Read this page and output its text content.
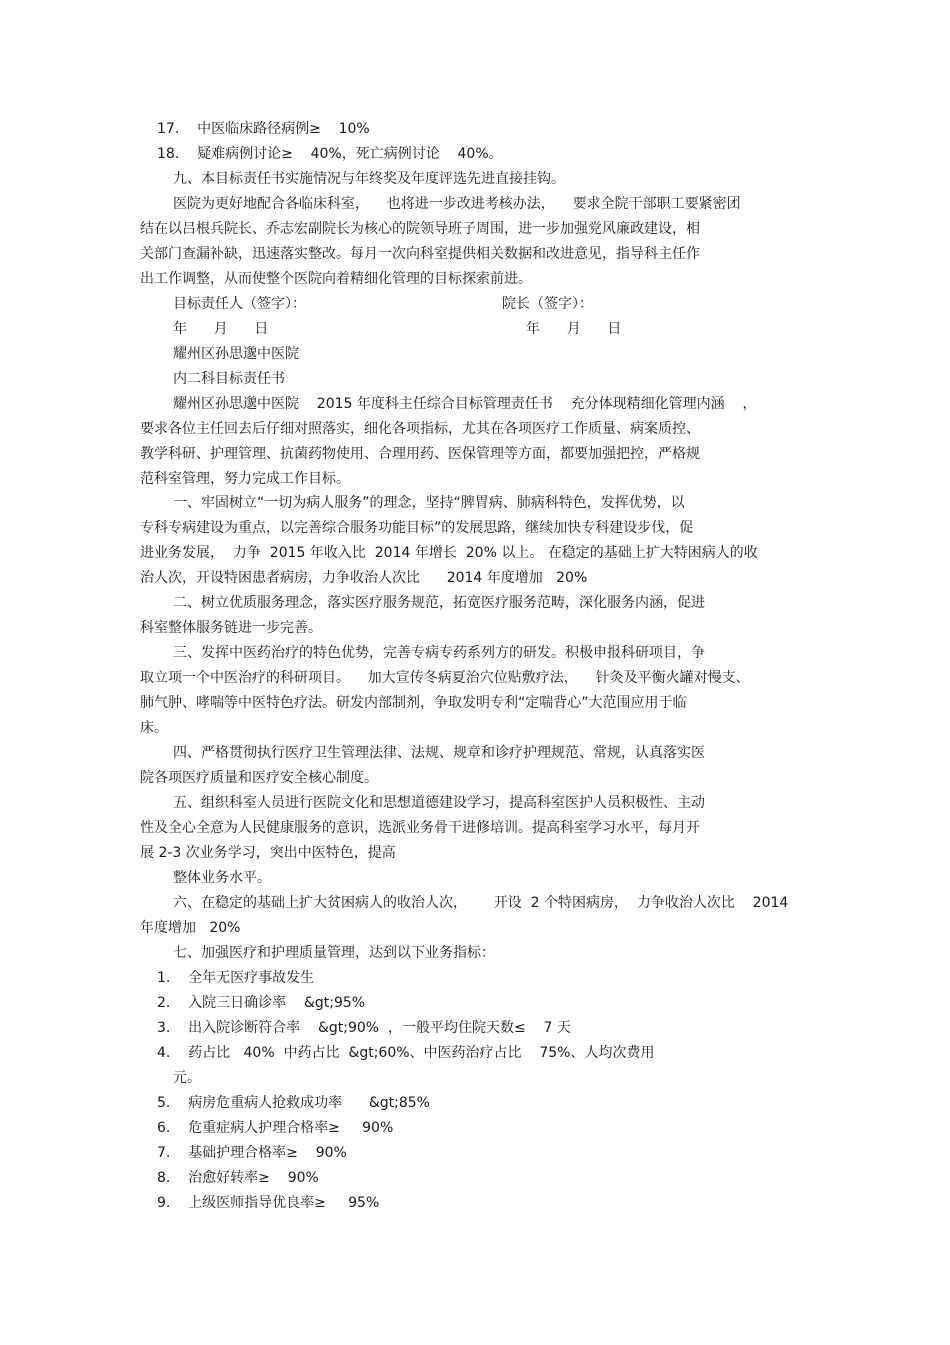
17.    中医临床路径病例≥    10%
18.    疑难病例讨论≥    40%，死亡病例讨论    40%。
九、本目标责任书实施情况与年终奖及年度评选先进直接挂钩。
医院为更好地配合各临床科室，    也将进一步改进考核办法，    要求全院干部职工要紧密团
结在以吕根兵院长、乔志宏副院长为核心的院领导班子周围，进一步加强党风廉政建设，相
关部门查漏补缺，迅速落实整改。每月一次向科室提供相关数据和改进意见，指导科主任作
出工作调整，从而使整个医院向着精细化管理的目标探索前进。
目标责任人（签字）：	院长（签字）：
年      月      日	年      月      日
耀州区孙思邈中医院
内二科目标责任书
耀州区孙思邈中医院    2015 年度科主任综合目标管理责任书    充分体现精细化管理内涵    ，
要求各位主任回去后仔细对照落实，细化各项指标，尤其在各项医疗工作质量、病案质控、
教学科研、护理管理、抗菌药物使用、合理用药、医保管理等方面，都要加强把控，严格规
范科室管理，努力完成工作目标。
一、牢固树立“一切为病人服务”的理念，坚持“脾胃病、肺病科特色，发挥优势，以
专科专病建设为重点，以完善综合服务功能目标”的发展思路，继续加快专科建设步伐，促
进业务发展，  力争  2015 年收入比  2014 年增长  20% 以上。 在稳定的基础上扩大特困病人的收
治人次，开设特困患者病房，力争收治人次比      2014 年度增加   20%
二、树立优质服务理念，落实医疗服务规范，拓宽医疗服务范畴，深化服务内涵，促进
科室整体服务链进一步完善。
三、发挥中医药治疗的特色优势，完善专病专药系列方的研发。积极申报科研项目，争
取立项一个中医治疗的科研项目。    加大宣传冬病夏治穴位贴敷疗法，    针灸及平衡火罐对慢支、
肺气肿、哮喘等中医特色疗法。研发内部制剂，争取发明专利“定喘背心”大范围应用于临
床。
四、严格贯彻执行医疗卫生管理法律、法规、规章和诊疗护理规范、常规，认真落实医
院各项医疗质量和医疗安全核心制度。
五、组织科室人员进行医院文化和思想道德建设学习，提高科室医护人员积极性、主动
性及全心全意为人民健康服务的意识，选派业务骨干进修培训。提高科室学习水平，每月开
展 2-3 次业务学习，突出中医特色，提高
整体业务水平。
六、在稳定的基础上扩大贫困病人的收治人次，      开设  2 个特困病房，  力争收治人次比    2014
年度增加   20%
七、加强医疗和护理质量管理，达到以下业务指标：
1.    全年无医疗事故发生
2.    入院三日确诊率    &gt;95%
3.    出入院诊断符合率    &gt;90%  ，一般平均住院天数≤    7 天
4.    药占比   40%  中药占比  &gt;60%、中医药治疗占比    75%、人均次费用
元。
5.    病房危重病人抢救成功率      &gt;85%
6.    危重症病人护理合格率≥     90%
7.    基础护理合格率≥    90%
8.    治愈好转率≥    90%
9.    上级医师指导优良率≥     95%
